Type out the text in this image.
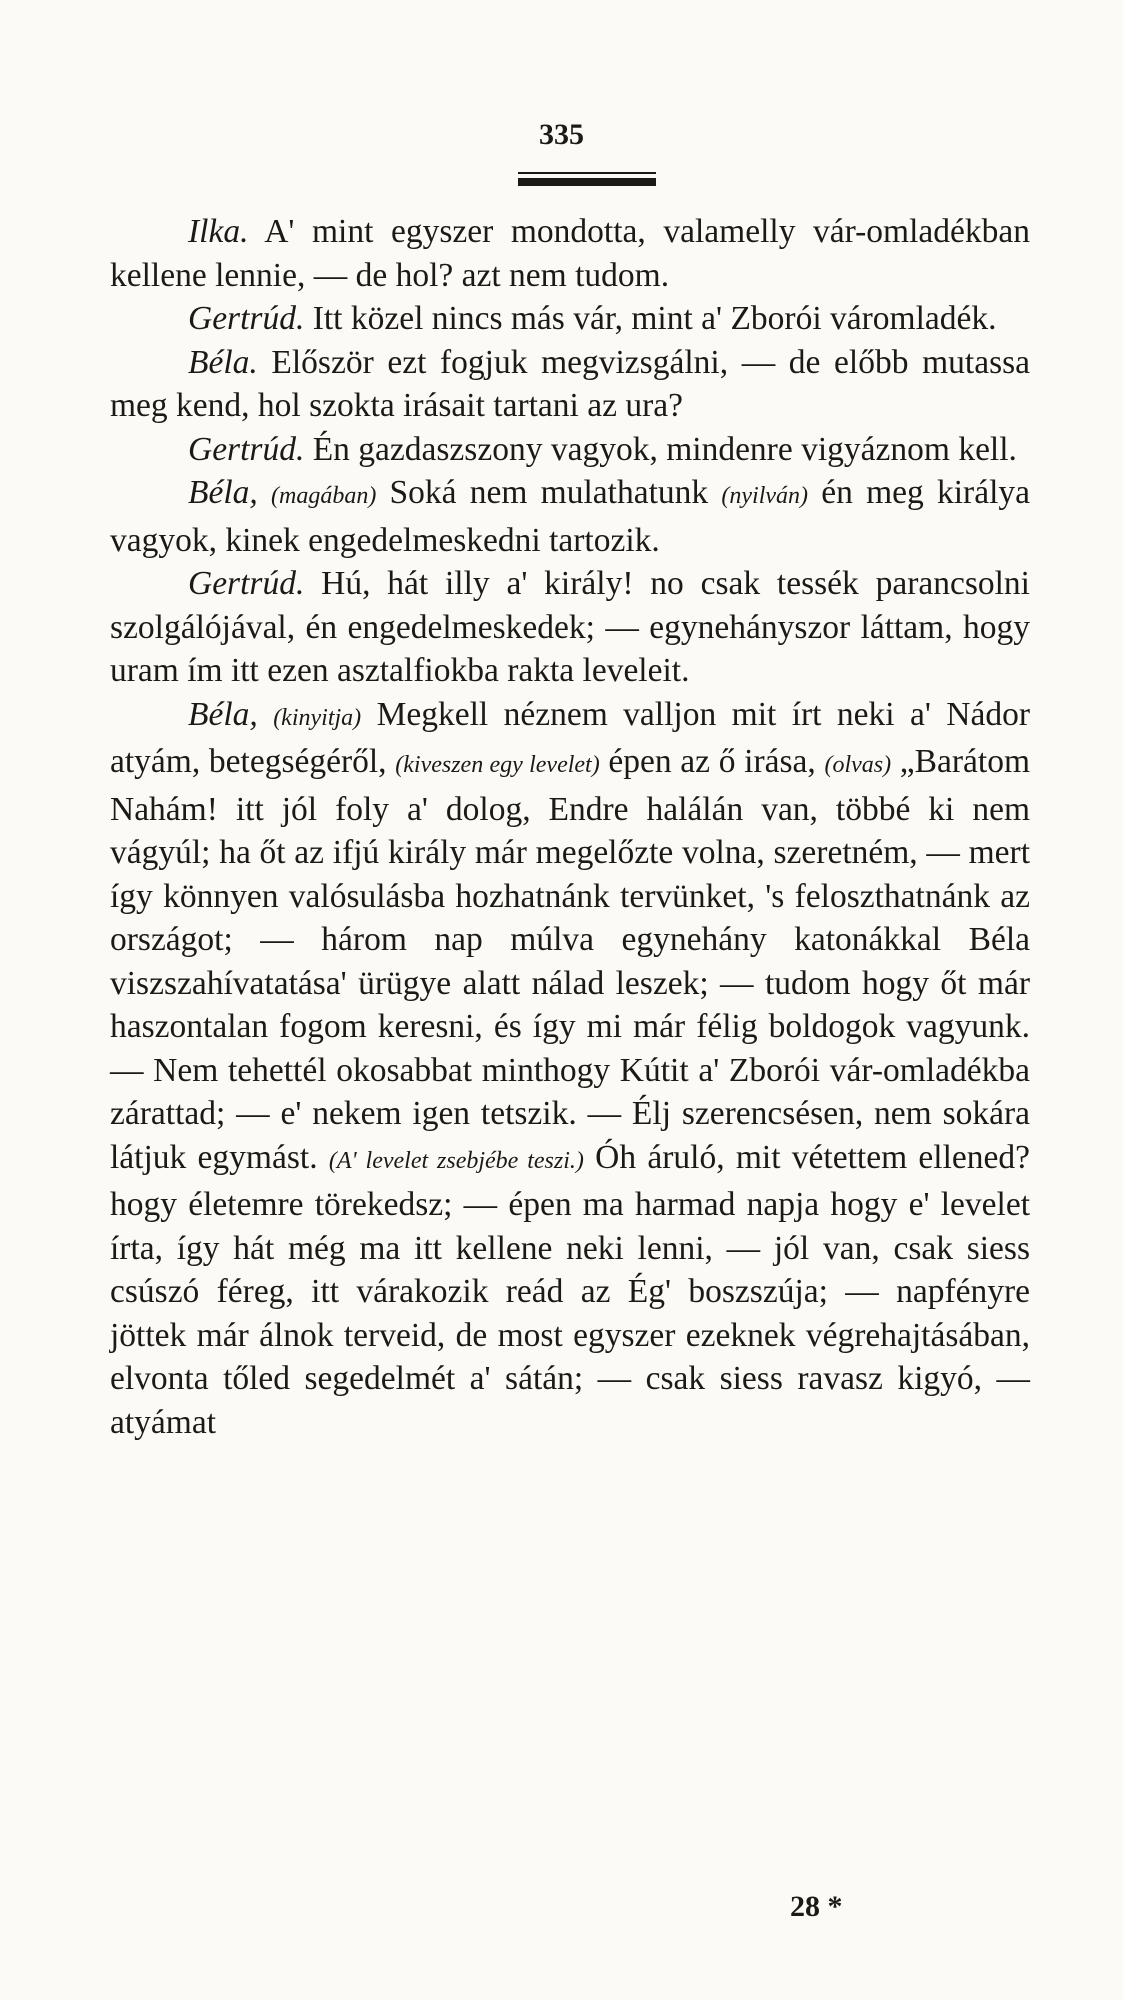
335

Ilka. A' mint egyszer mondotta, valamelly vár-omladékban kellene lennie, — de hol? azt nem tudom.

Gertrúd. Itt közel nincs más vár, mint a' Zborói váromladék.

Béla. Először ezt fogjuk megvizsgálni, — de előbb mutassa meg kend, hol szokta irásait tartani az ura?

Gertrúd. Én gazdaszszony vagyok, mindenre vigyáznom kell.

Béla, (magában) Soká nem mulathatunk (nyilván) én meg királya vagyok, kinek engedelmeskedni tartozik.

Gertrúd. Hú, hát illy a' király! no csak tessék parancsolni szolgálójával, én engedelmeskedek; — egynehányszor láttam, hogy uram ím itt ezen asztalfiokba rakta leveleit.

Béla, (kinyitja) Megkell néznem valljon mit írt neki a' Nádor atyám, betegségéről, (kiveszen egy levelet) épen az ő irása, (olvas) „Barátom Nahám! itt jól foly a' dolog, Endre halálán van, többé ki nem vágyúl; ha őt az ifjú király már megelőzte volna, szeretném, — mert így könnyen valósulásba hozhatnánk tervünket, 's feloszthatnánk az országot; — három nap múlva egynehány katonákkal Béla viszszahívatatása' ürügye alatt nálad leszek; — tudom hogy őt már haszontalan fogom keresni, és így mi már félig boldogok vagyunk. — Nem tehettél okosabbat minthogy Kútit a' Zborói vár-omladékba zárattad; — e' nekem igen tetszik. — Élj szerencsésen, nem sokára látjuk egymást. (A' levelet zsebjébe teszi.) Óh áruló, mit vétettem ellened? hogy életemre törekedsz; — épen ma harmad napja hogy e' levelet írta, így hát még ma itt kellene neki lenni, — jól van, csak siess csúszó féreg, itt várakozik reád az Ég' boszszúja; — napfényre jöttek már álnok terveid, de most egyszer ezeknek végrehajtásában, elvonta tőled segedelmét a' sátán; — csak siess ravasz kigyó, — atyámat

28 *
